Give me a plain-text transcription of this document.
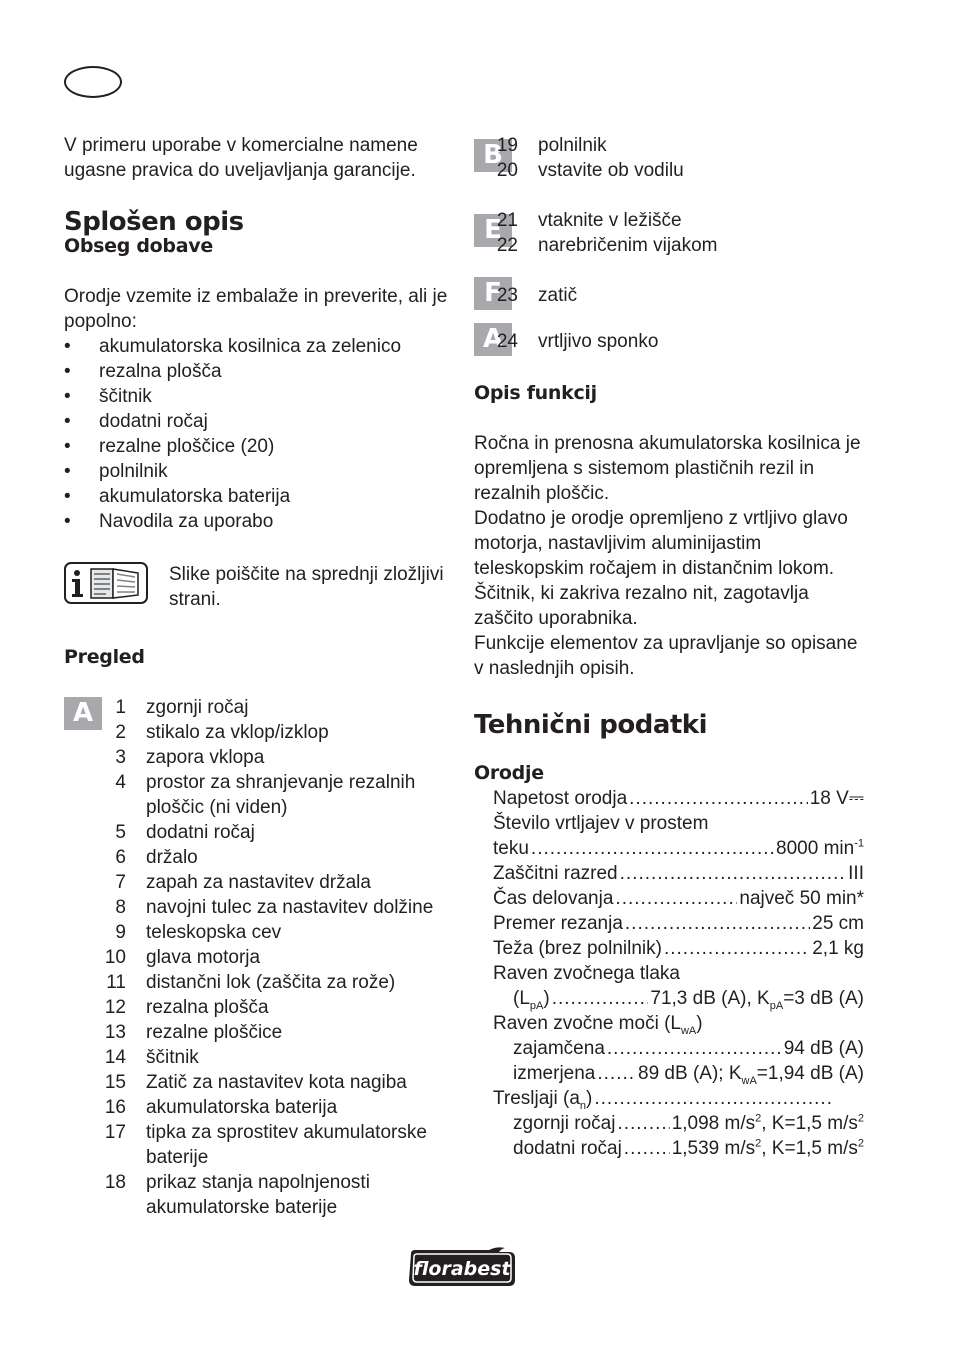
V primeru uporabe v komercialne namene ugasne pravica do uveljavljanja garancije.

Splošen opis
Obseg dobave

Orodje vzemite iz embalaže in preverite, ali je popolno:

• akumulatorska kosilnica za zelenico
• rezalna plošča
• ščitnik
• dodatni ročaj
• rezalne ploščice (20)
• polnilnik
• akumulatorska baterija
• Navodila za uporabo

Slike poiščite na sprednji zložljivi strani.

Pregled
A	1	zgornji ročaj
2	stikalo za vklop/izklop
3	zapora vklopa
4	prostor za shranjevanje rezalnih ploščic (ni viden)
5	dodatni ročaj
6	držalo
7	zapah za nastavitev držala
8	navojni tulec za nastavitev dolžine
9	teleskopska cev
10	glava motorja
11	distančni lok (zaščita za rože)
12	rezalna plošča
13	rezalne ploščice
14	ščitnik
15	Zatič za nastavitev kota nagiba
16	akumulatorska baterija
17	tipka za sprostitev akumulatorske baterije
18	prikaz stanja napolnjenosti akumulatorske baterije
B
19	polnilnik
20	vstavite ob vodilu
E
21	vtaknite v ležišče
22	narebričenim vijakom
F
23	zatič
A
24	vrtljivo sponko
Opis funkcij

Ročna in prenosna akumulatorska kosilnica je opremljena s sistemom plastičnih rezil in rezalnih ploščic.

Dodatno je orodje opremljeno z vrtljivo glavo motorja, nastavljivim aluminijastim teleskopskim ročajem in distančnim lokom.

Ščitnik, ki zakriva rezalno nit, zagotavlja zaščito uporabnika.

Funkcije elementov za upravljanje so opisane v naslednjih opisih.

Tehnični podatki
Orodje
Napetost orodja .....	18 V⎓
Število vrtljajev v prostem
teku .....	8000 $\min^{-1}$
Zaščitni razred .....	III
Čas delovanja .....	največ 50 min*
Premer rezanja .....	25 cm
Teža (brez polnilnik) .....	2,1 kg
Raven zvočnega tlaka
$(L_{pA})$ .....	71,3 dB (A), $K_{pA}=3$ dB (A)
Raven zvočne moči $(L_{wA})$
zajamčena .....	94 dB (A)
izmerjena ..... 89 dB (A); $K_{wA}=1,94$ dB (A)
Tresljaji $(a_n)$
.....
zgornji ročaj .....	1,098 $m/s^2$, K=1,5 $m/s^2$
dodatni ročaj .....	1,539 $m/s^2$, K=1,5 $m/s^2$
florabest
